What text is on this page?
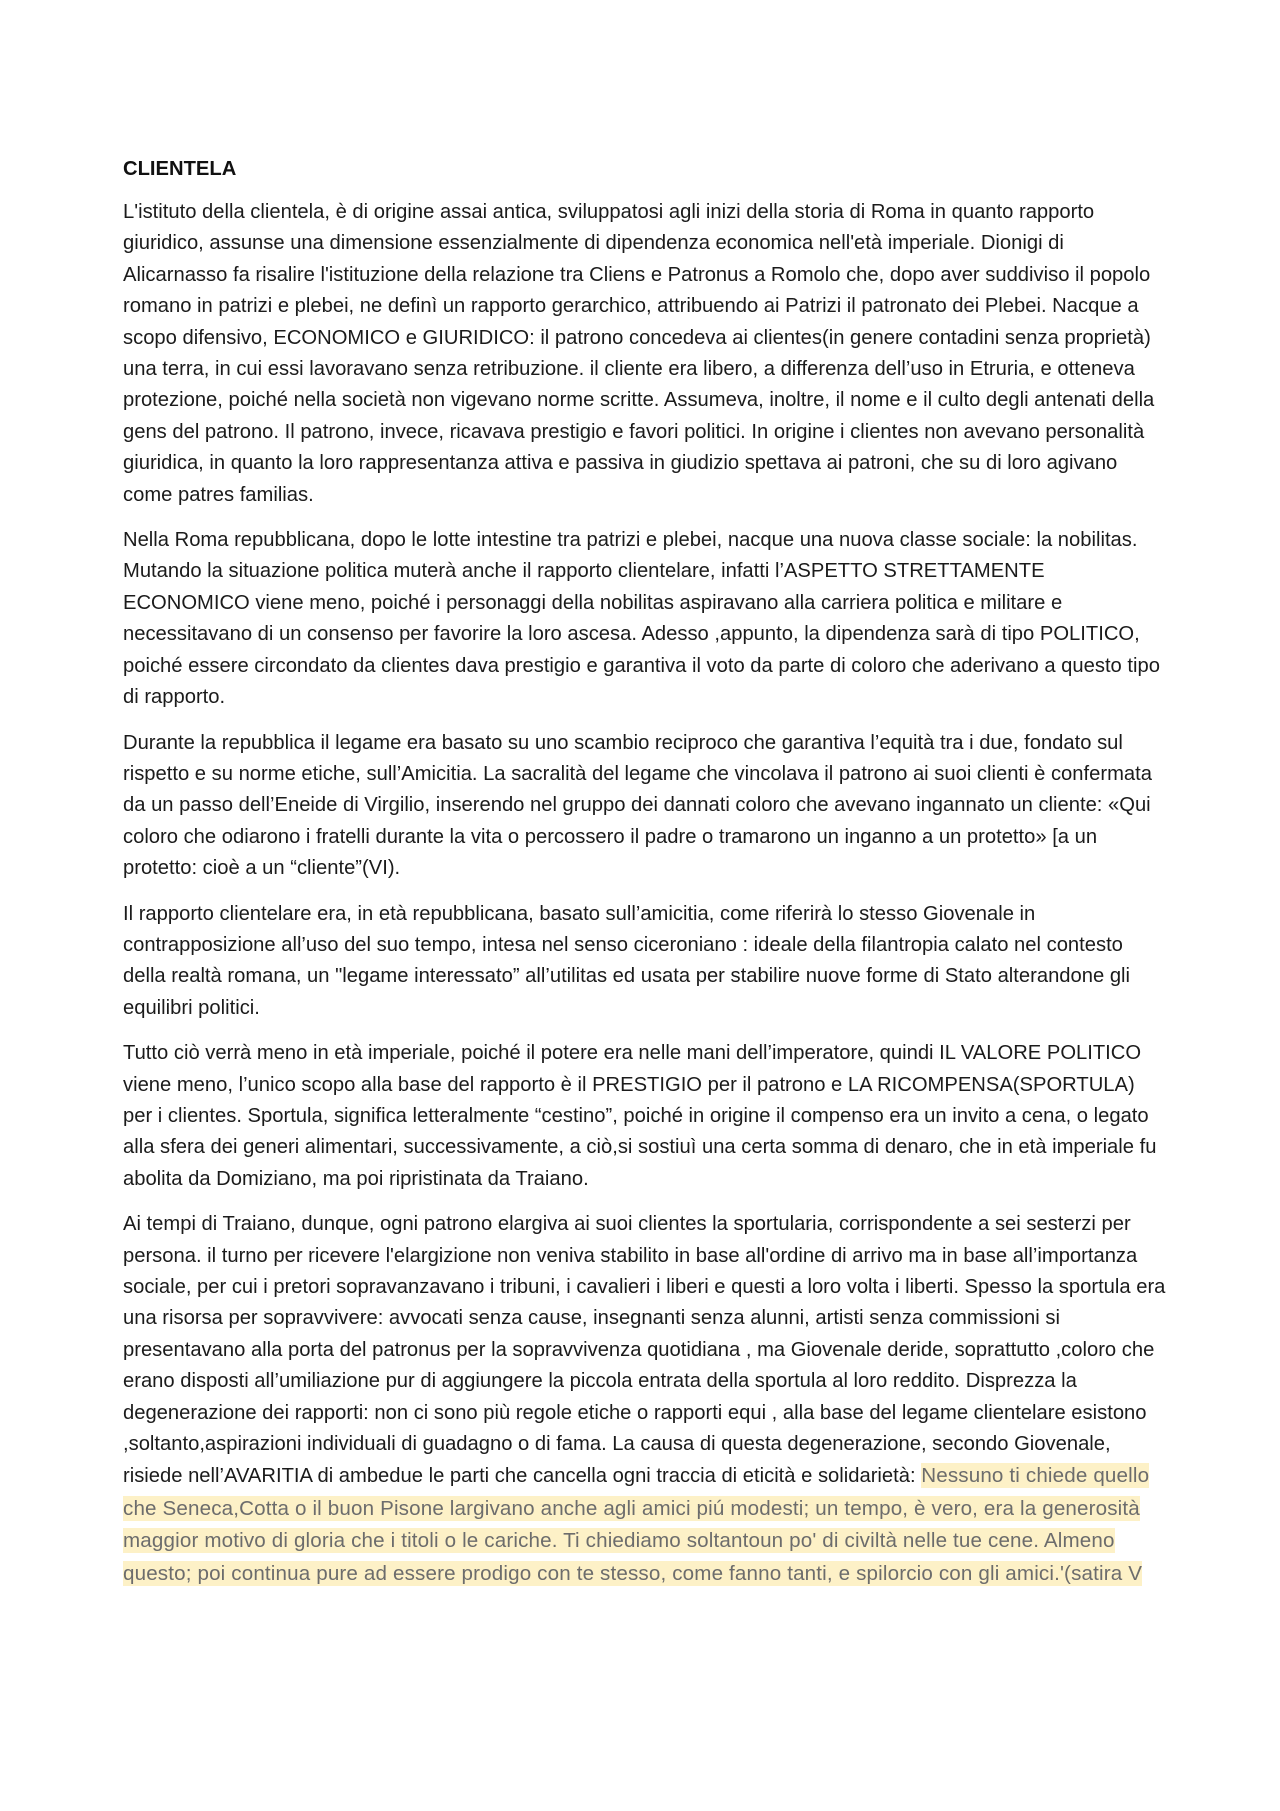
CLIENTELA

L'istituto della clientela, è di origine assai antica, sviluppatosi agli inizi della storia di Roma in quanto rapporto giuridico, assunse una dimensione essenzialmente di dipendenza economica nell'età imperiale. Dionigi di Alicarnasso fa risalire l'istituzione della relazione tra Cliens e Patronus a Romolo che, dopo aver suddiviso il popolo romano in patrizi e plebei, ne definì un rapporto gerarchico, attribuendo ai Patrizi il patronato dei Plebei. Nacque a scopo difensivo, ECONOMICO e GIURIDICO: il patrono concedeva ai clientes(in genere contadini senza proprietà) una terra, in cui essi lavoravano senza retribuzione. il cliente era libero, a differenza dell’uso in Etruria, e otteneva protezione, poiché nella società non vigevano norme scritte. Assumeva, inoltre, il nome e il culto degli antenati della gens del patrono. Il patrono, invece, ricavava prestigio e favori politici. In origine i clientes non avevano personalità giuridica, in quanto la loro rappresentanza attiva e passiva in giudizio spettava ai patroni, che su di loro agivano come patres familias.

Nella Roma repubblicana, dopo le lotte intestine tra patrizi e plebei, nacque una nuova classe sociale: la nobilitas. Mutando la situazione politica muterà anche il rapporto clientelare, infatti l’ASPETTO STRETTAMENTE ECONOMICO viene meno, poiché i personaggi della nobilitas aspiravano alla carriera politica e militare e necessitavano di un consenso per favorire la loro ascesa. Adesso ,appunto, la dipendenza sarà di tipo POLITICO, poiché essere circondato da clientes dava prestigio e garantiva il voto da parte di coloro che aderivano a questo tipo di rapporto.

Durante la repubblica il legame era basato su uno scambio reciproco che garantiva l’equità tra i due, fondato sul rispetto e su norme etiche, sull’Amicitia. La sacralità del legame che vincolava il patrono ai suoi clienti è confermata da un passo dell’Eneide di Virgilio, inserendo nel gruppo dei dannati coloro che avevano ingannato un cliente: «Qui coloro che odiarono i fratelli durante la vita o percossero il padre o tramarono un inganno a un protetto» [a un protetto: cioè a un “cliente”(VI).

Il rapporto clientelare era, in età repubblicana, basato sull’amicitia, come riferirà lo stesso Giovenale in contrapposizione all’uso del suo tempo, intesa nel senso ciceroniano : ideale della filantropia calato nel contesto della realtà romana, un "legame interessato” all’utilitas ed usata per stabilire nuove forme di Stato alterandone gli equilibri politici.

Tutto ciò verrà meno in età imperiale, poiché il potere era nelle mani dell’imperatore, quindi IL VALORE POLITICO viene meno, l’unico scopo alla base del rapporto è il PRESTIGIO per il patrono e LA RICOMPENSA(SPORTULA) per i clientes. Sportula, significa letteralmente “cestino”, poiché in origine il compenso era un invito a cena, o legato alla sfera dei generi alimentari, successivamente, a ciò,si sostiuì una certa somma di denaro, che in età imperiale fu abolita da Domiziano, ma poi ripristinata da Traiano.

Ai tempi di Traiano, dunque, ogni patrono elargiva ai suoi clientes la sportularia, corrispondente a sei sesterzi per persona. il turno per ricevere l'elargizione non veniva stabilito in base all'ordine di arrivo ma in base all’importanza sociale, per cui i pretori sopravanzavano i tribuni, i cavalieri i liberi e questi a loro volta i liberti. Spesso la sportula era una risorsa per sopravvivere: avvocati senza cause, insegnanti senza alunni, artisti senza commissioni si presentavano alla porta del patronus per la sopravvivenza quotidiana , ma Giovenale deride, soprattutto ,coloro che erano disposti all’umiliazione pur di aggiungere la piccola entrata della sportula al loro reddito. Disprezza la degenerazione dei rapporti: non ci sono più regole etiche o rapporti equi , alla base del legame clientelare esistono ,soltanto,aspirazioni individuali di guadagno o di fama. La causa di questa degenerazione, secondo Giovenale, risiede nell’AVARITIA di ambedue le parti che cancella ogni traccia di eticità e solidarietà: Nessuno ti chiede quello che Seneca,Cotta o il buon Pisone largivano anche agli amici piú modesti; un tempo, è vero, era la generosità maggior motivo di gloria che i titoli o le cariche. Ti chiediamo soltantoun po' di civiltà nelle tue cene. Almeno questo; poi continua pure ad essere prodigo con te stesso, come fanno tanti, e spilorcio con gli amici.'(satira V
